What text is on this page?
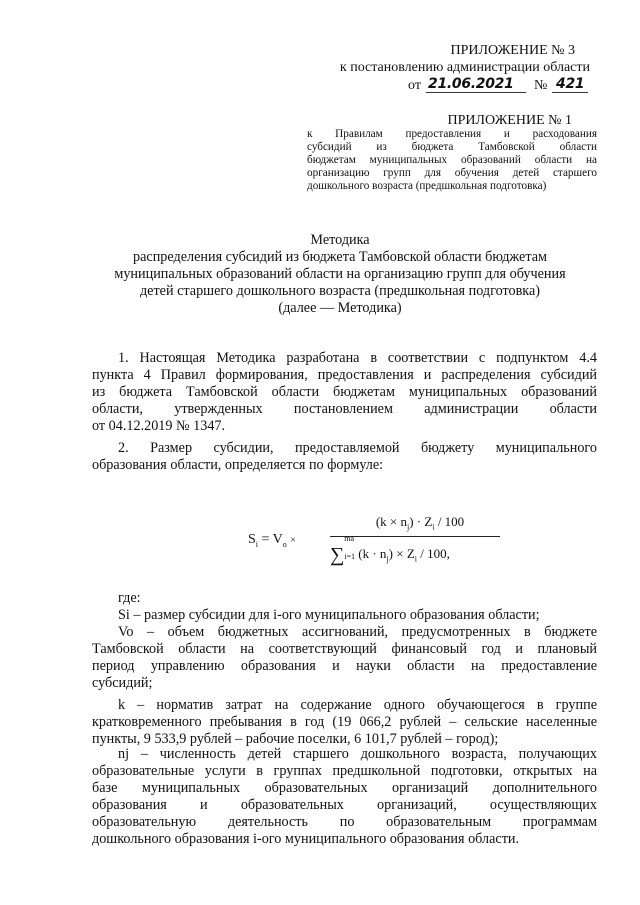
ПРИЛОЖЕНИЕ № 3
к постановлению администрации области
от 21.06.2021 № 421
ПРИЛОЖЕНИЕ № 1
к Правилам предоставления и расходования
субсидий из бюджета Тамбовской области
бюджетам муниципальных образований области на
организацию групп для обучения детей старшего
дошкольного возраста (предшкольная подготовка)
Методика
распределения субсидий из бюджета Тамбовской области бюджетам
муниципальных образований области на организацию групп для обучения
детей старшего дошкольного возраста (предшкольная подготовка)
(далее — Методика)
1. Настоящая Методика разработана в соответствии с подпунктом 4.4
пункта 4 Правил формирования, предоставления и распределения субсидий
из бюджета Тамбовской области бюджетам муниципальных образований
области, утвержденных постановлением администрации области
от 04.12.2019 № 1347.
2. Размер субсидии, предоставляемой бюджету муниципального
образования области, определяется по формуле:
$S_i = V_o$ ×
$(k \times n_j) \cdot Z_i / 100$
∑
ma
i=1 $(k \cdot n_j) \times Z_i / 100$,
где:
Si – размер субсидии для i-ого муниципального образования области;
Vo – объем бюджетных ассигнований, предусмотренных в бюджете
Тамбовской области на соответствующий финансовый год и плановый
период управлению образования и науки области на предоставление
субсидий;
k – норматив затрат на содержание одного обучающегося в группе
кратковременного пребывания в год (19 066,2 рублей – сельские населенные
пункты, 9 533,9 рублей – рабочие поселки, 6 101,7 рублей – город);
nj – численность детей старшего дошкольного возраста, получающих
образовательные услуги в группах предшкольной подготовки, открытых на
базе муниципальных образовательных организаций дополнительного
образования и образовательных организаций, осуществляющих
образовательную деятельность по образовательным программам
дошкольного образования i-ого муниципального образования области.
